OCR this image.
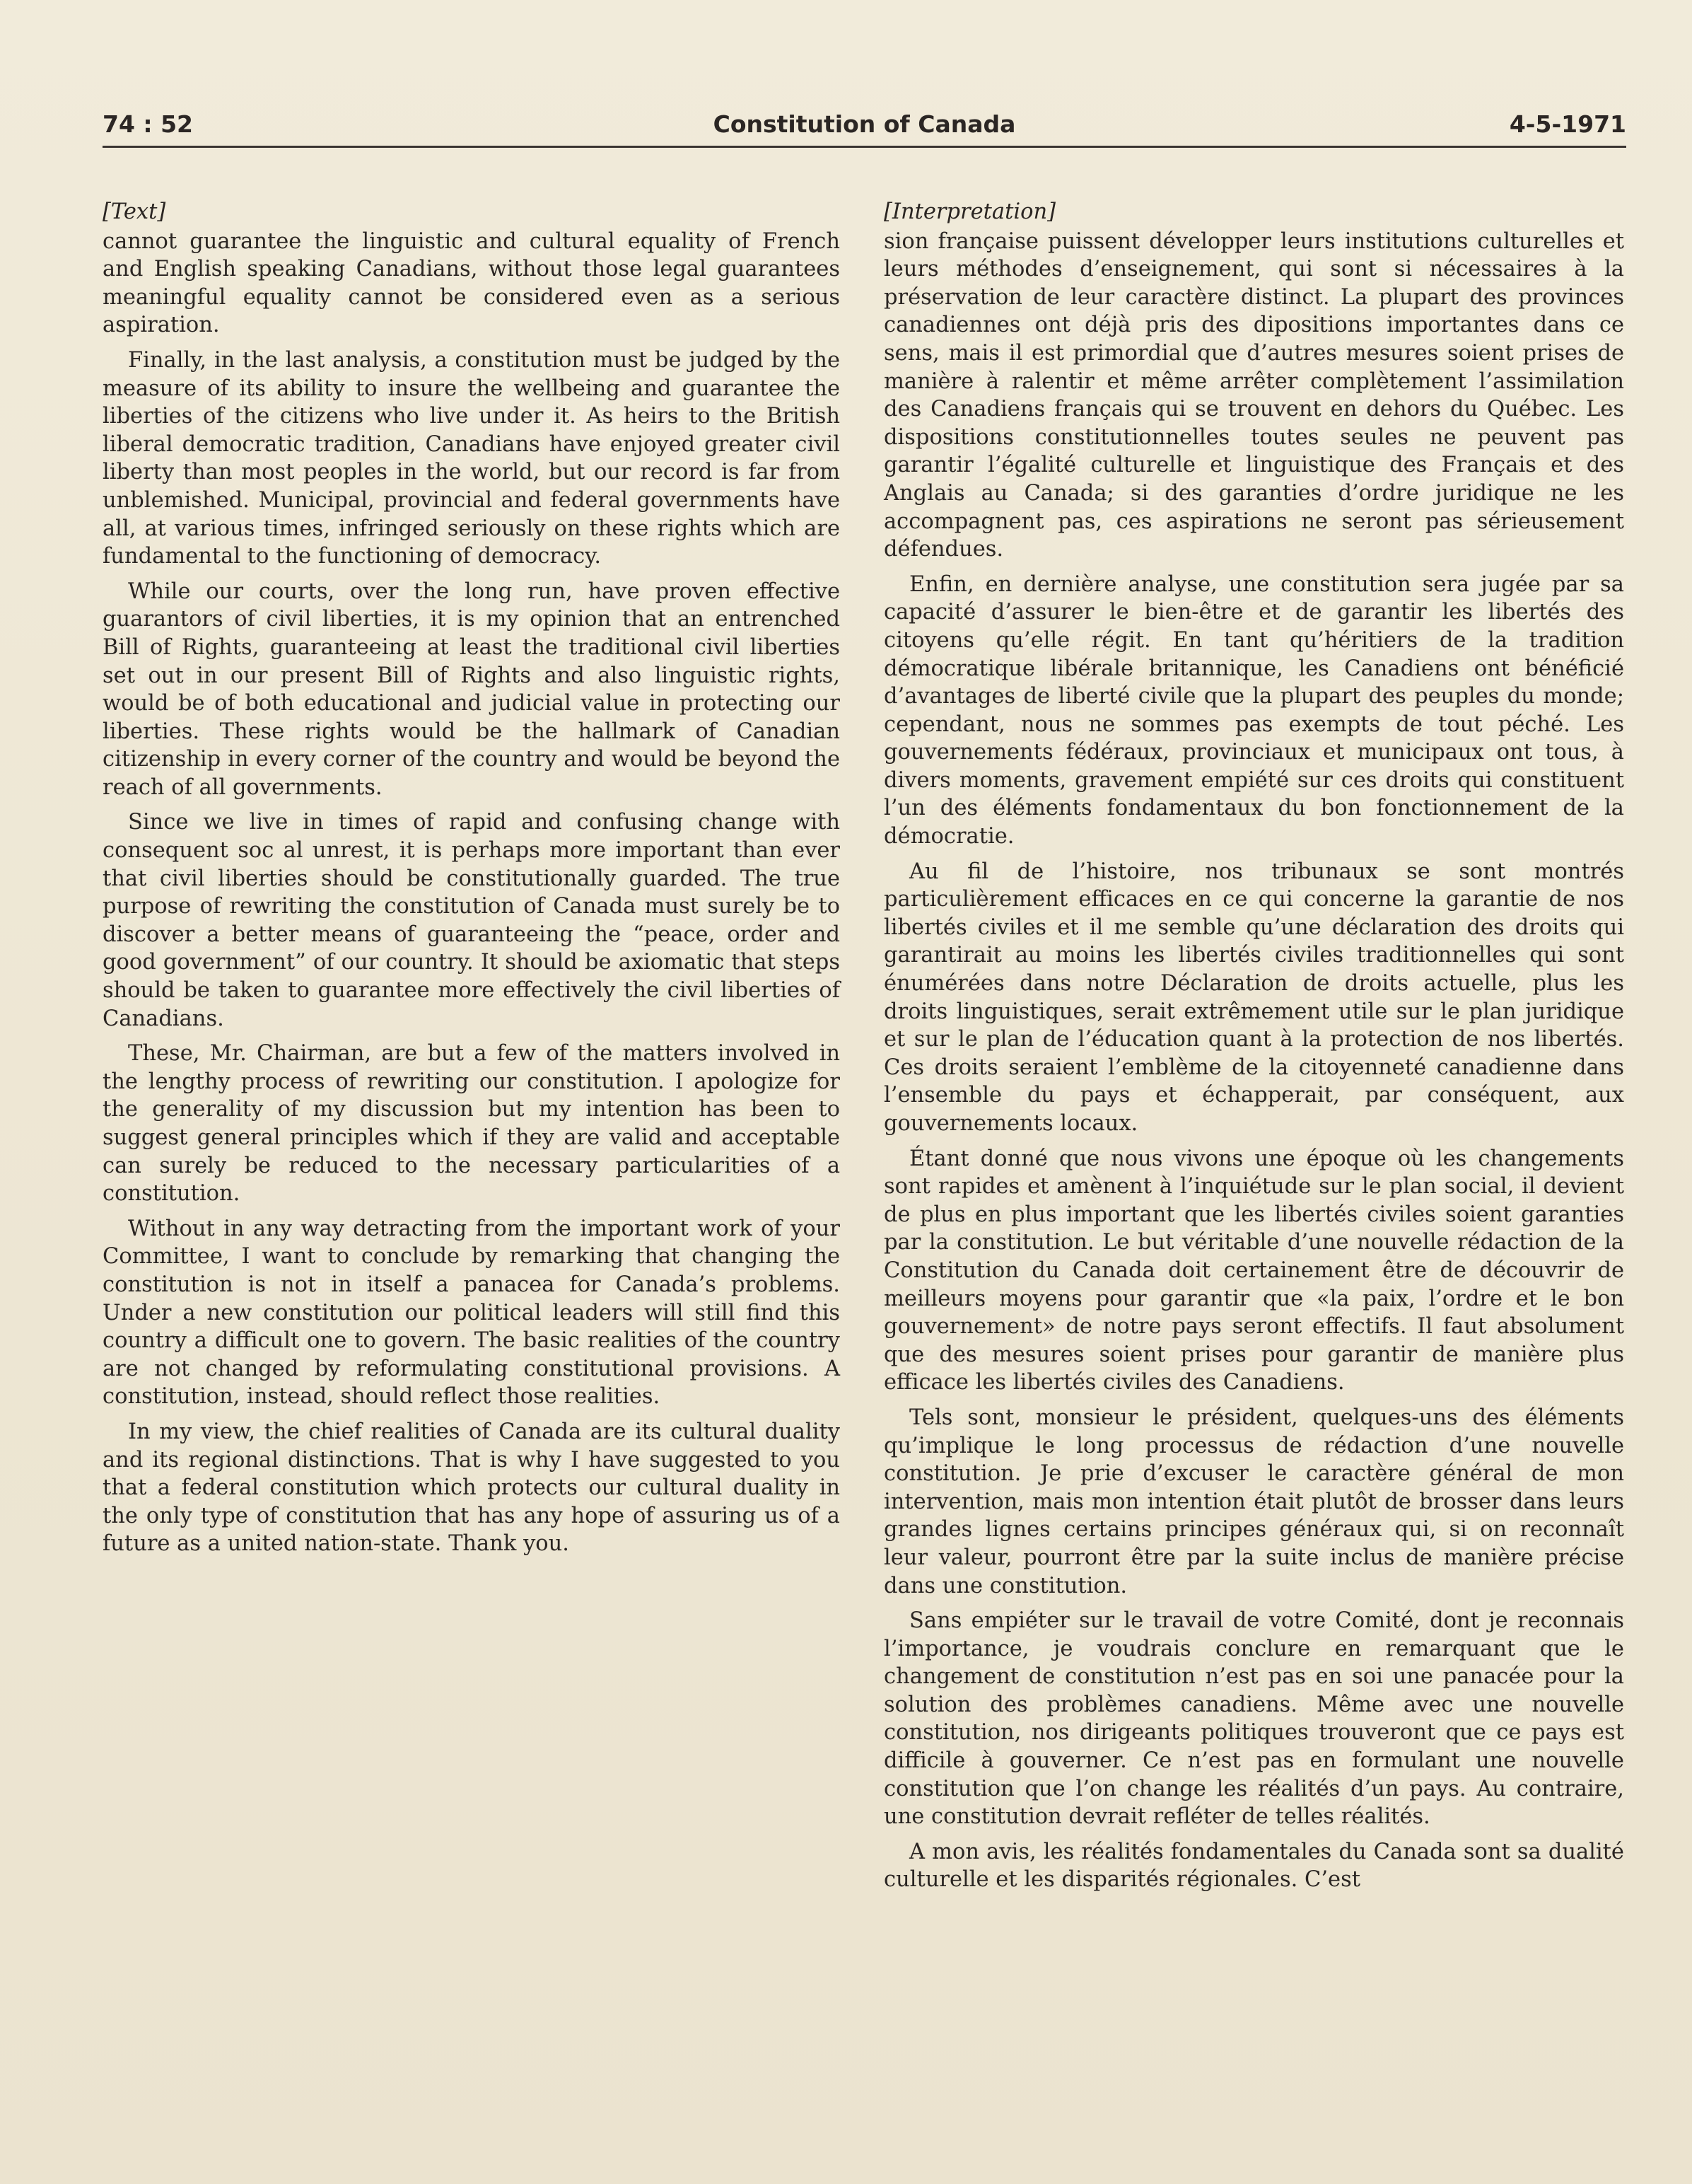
74 : 52	Constitution of Canada	4-5-1971
[Text]

cannot guarantee the linguistic and cultural equality of French and English speaking Canadians, without those legal guarantees meaningful equality cannot be considered even as a serious aspiration.

Finally, in the last analysis, a constitution must be judged by the measure of its ability to insure the wellbeing and guarantee the liberties of the citizens who live under it. As heirs to the British liberal democratic tradition, Canadians have enjoyed greater civil liberty than most peoples in the world, but our record is far from unblemished. Municipal, provincial and federal governments have all, at various times, infringed seriously on these rights which are fundamental to the functioning of democracy.

While our courts, over the long run, have proven effective guarantors of civil liberties, it is my opinion that an entrenched Bill of Rights, guaranteeing at least the traditional civil liberties set out in our present Bill of Rights and also linguistic rights, would be of both educational and judicial value in protecting our liberties. These rights would be the hallmark of Canadian citizenship in every corner of the country and would be beyond the reach of all governments.

Since we live in times of rapid and confusing change with consequent soc al unrest, it is perhaps more important than ever that civil liberties should be constitutionally guarded. The true purpose of rewriting the constitution of Canada must surely be to discover a better means of guaranteeing the “peace, order and good government” of our country. It should be axiomatic that steps should be taken to guarantee more effectively the civil liberties of Canadians.

These, Mr. Chairman, are but a few of the matters involved in the lengthy process of rewriting our constitution. I apologize for the generality of my discussion but my intention has been to suggest general principles which if they are valid and acceptable can surely be reduced to the necessary particularities of a constitution.

Without in any way detracting from the important work of your Committee, I want to conclude by remarking that changing the constitution is not in itself a panacea for Canada’s problems. Under a new constitution our political leaders will still find this country a difficult one to govern. The basic realities of the country are not changed by reformulating constitutional provisions. A constitution, instead, should reflect those realities.

In my view, the chief realities of Canada are its cultural duality and its regional distinctions. That is why I have suggested to you that a federal constitution which protects our cultural duality in the only type of constitution that has any hope of assuring us of a future as a united nation-state. Thank you.

[Interpretation]

sion française puissent développer leurs institutions culturelles et leurs méthodes d’enseignement, qui sont si nécessaires à la préservation de leur caractère distinct. La plupart des provinces canadiennes ont déjà pris des dipositions importantes dans ce sens, mais il est primordial que d’autres mesures soient prises de manière à ralentir et même arrêter complètement l’assimilation des Canadiens français qui se trouvent en dehors du Québec. Les dispositions constitutionnelles toutes seules ne peuvent pas garantir l’égalité culturelle et linguistique des Français et des Anglais au Canada; si des garanties d’ordre juridique ne les accompagnent pas, ces aspirations ne seront pas sérieusement défendues.

Enfin, en dernière analyse, une constitution sera jugée par sa capacité d’assurer le bien-être et de garantir les libertés des citoyens qu’elle régit. En tant qu’héritiers de la tradition démocratique libérale britannique, les Canadiens ont bénéficié d’avantages de liberté civile que la plupart des peuples du monde; cependant, nous ne sommes pas exempts de tout péché. Les gouvernements fédéraux, provinciaux et municipaux ont tous, à divers moments, gravement empiété sur ces droits qui constituent l’un des éléments fondamentaux du bon fonctionnement de la démocratie.

Au fil de l’histoire, nos tribunaux se sont montrés particulièrement efficaces en ce qui concerne la garantie de nos libertés civiles et il me semble qu’une déclaration des droits qui garantirait au moins les libertés civiles traditionnelles qui sont énumérées dans notre Déclaration de droits actuelle, plus les droits linguistiques, serait extrêmement utile sur le plan juridique et sur le plan de l’éducation quant à la protection de nos libertés. Ces droits seraient l’emblème de la citoyenneté canadienne dans l’ensemble du pays et échapperait, par conséquent, aux gouvernements locaux.

Étant donné que nous vivons une époque où les changements sont rapides et amènent à l’inquiétude sur le plan social, il devient de plus en plus important que les libertés civiles soient garanties par la constitution. Le but véritable d’une nouvelle rédaction de la Constitution du Canada doit certainement être de découvrir de meilleurs moyens pour garantir que «la paix, l’ordre et le bon gouvernement» de notre pays seront effectifs. Il faut absolument que des mesures soient prises pour garantir de manière plus efficace les libertés civiles des Canadiens.

Tels sont, monsieur le président, quelques-uns des éléments qu’implique le long processus de rédaction d’une nouvelle constitution. Je prie d’excuser le caractère général de mon intervention, mais mon intention était plutôt de brosser dans leurs grandes lignes certains principes généraux qui, si on reconnaît leur valeur, pourront être par la suite inclus de manière précise dans une constitution.

Sans empiéter sur le travail de votre Comité, dont je reconnais l’importance, je voudrais conclure en remarquant que le changement de constitution n’est pas en soi une panacée pour la solution des problèmes canadiens. Même avec une nouvelle constitution, nos dirigeants politiques trouveront que ce pays est difficile à gouverner. Ce n’est pas en formulant une nouvelle constitution que l’on change les réalités d’un pays. Au contraire, une constitution devrait refléter de telles réalités.

A mon avis, les réalités fondamentales du Canada sont sa dualité culturelle et les disparités régionales. C’est
